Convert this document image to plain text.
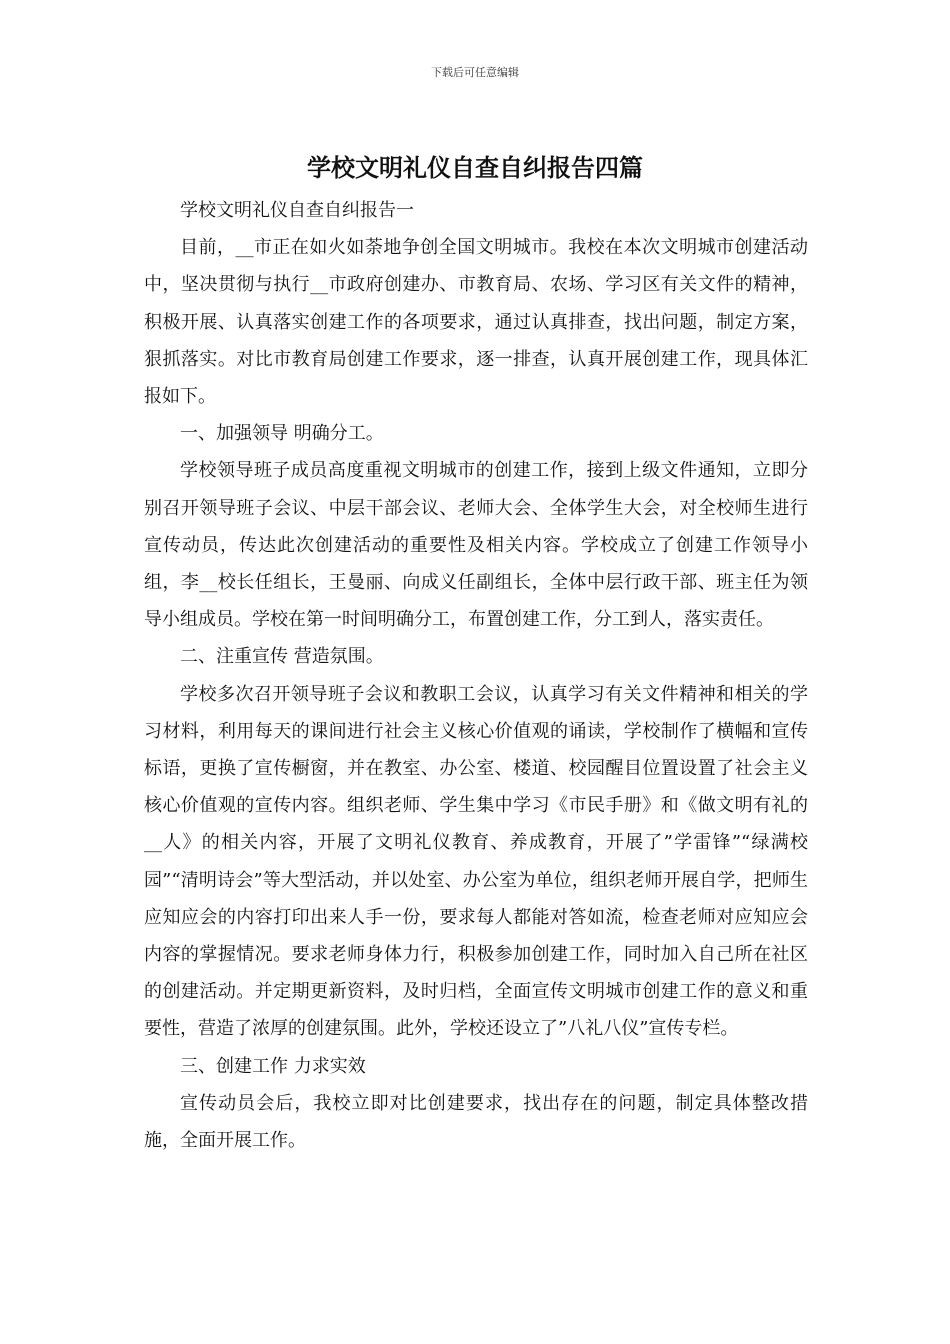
下载后可任意编辑
学校文明礼仪自查自纠报告四篇

学校文明礼仪自查自纠报告一

目前，__市正在如火如荼地争创全国文明城市。我校在本次文明城市创建活动中，坚决贯彻与执行__市政府创建办、市教育局、农场、学习区有关文件的精神，积极开展、认真落实创建工作的各项要求，通过认真排查，找出问题，制定方案，狠抓落实。对比市教育局创建工作要求，逐一排查，认真开展创建工作，现具体汇报如下。

一、加强领导 明确分工。

学校领导班子成员高度重视文明城市的创建工作，接到上级文件通知，立即分别召开领导班子会议、中层干部会议、老师大会、全体学生大会，对全校师生进行宣传动员，传达此次创建活动的重要性及相关内容。学校成立了创建工作领导小组，李__校长任组长，王曼丽、向成义任副组长，全体中层行政干部、班主任为领导小组成员。学校在第一时间明确分工，布置创建工作，分工到人，落实责任。

二、注重宣传 营造氛围。

学校多次召开领导班子会议和教职工会议，认真学习有关文件精神和相关的学习材料，利用每天的课间进行社会主义核心价值观的诵读，学校制作了横幅和宣传标语，更换了宣传橱窗，并在教室、办公室、楼道、校园醒目位置设置了社会主义核心价值观的宣传内容。组织老师、学生集中学习《市民手册》和《做文明有礼的__人》的相关内容，开展了文明礼仪教育、养成教育，开展了”学雷锋”“绿满校园”“清明诗会”等大型活动，并以处室、办公室为单位，组织老师开展自学，把师生应知应会的内容打印出来人手一份，要求每人都能对答如流，检查老师对应知应会内容的掌握情况。要求老师身体力行，积极参加创建工作，同时加入自己所在社区的创建活动。并定期更新资料，及时归档，全面宣传文明城市创建工作的意义和重要性，营造了浓厚的创建氛围。此外，学校还设立了”八礼八仪”宣传专栏。

三、创建工作 力求实效

宣传动员会后，我校立即对比创建要求，找出存在的问题，制定具体整改措施，全面开展工作。
